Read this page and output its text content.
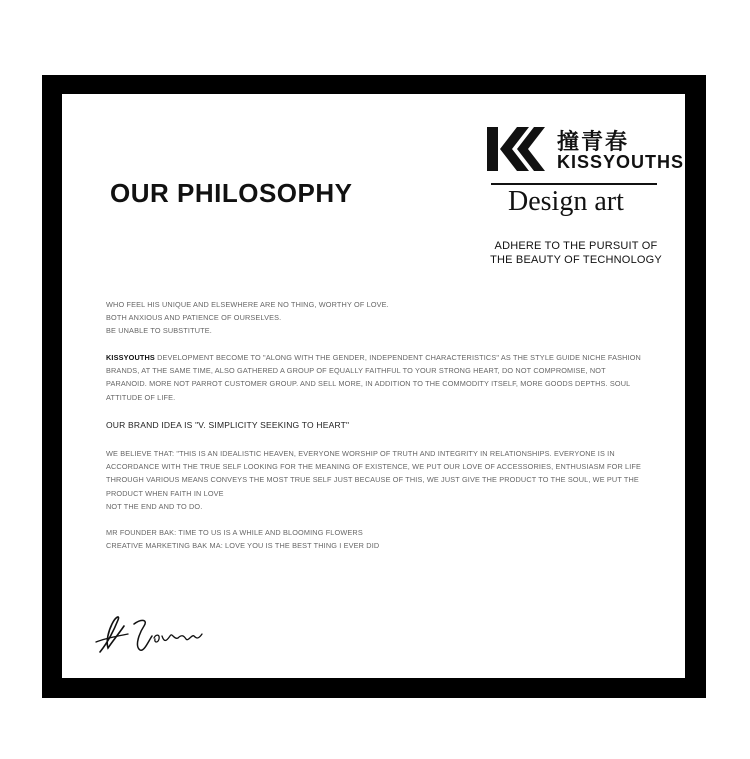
OUR PHILOSOPHY
撞青春
KISSYOUTHS
Design art
ADHERE TO THE PURSUIT OF
THE BEAUTY OF TECHNOLOGY
WHO FEEL HIS UNIQUE AND ELSEWHERE ARE NO THING, WORTHY OF LOVE.
BOTH ANXIOUS AND PATIENCE OF OURSELVES.
BE UNABLE TO SUBSTITUTE.
KISSYOUTHS DEVELOPMENT BECOME TO "ALONG WITH THE GENDER, INDEPENDENT CHARACTERISTICS" AS THE STYLE GUIDE NICHE FASHION
BRANDS, AT THE SAME TIME, ALSO GATHERED A GROUP OF EQUALLY FAITHFUL TO YOUR STRONG HEART, DO NOT COMPROMISE, NOT
PARANOID. MORE NOT PARROT CUSTOMER GROUP. AND SELL MORE, IN ADDITION TO THE COMMODITY ITSELF, MORE GOODS DEPTHS. SOUL
ATTITUDE OF LIFE.
OUR BRAND IDEA IS "V. SIMPLICITY SEEKING TO HEART"
WE BELIEVE THAT: "THIS IS AN IDEALISTIC HEAVEN, EVERYONE WORSHIP OF TRUTH AND INTEGRITY IN RELATIONSHIPS. EVERYONE IS IN
ACCORDANCE WITH THE TRUE SELF LOOKING FOR THE MEANING OF EXISTENCE, WE PUT OUR LOVE OF ACCESSORIES, ENTHUSIASM FOR LIFE
THROUGH VARIOUS MEANS CONVEYS THE MOST TRUE SELF JUST BECAUSE OF THIS, WE JUST GIVE THE PRODUCT TO THE SOUL, WE PUT THE
PRODUCT WHEN FAITH IN LOVE
NOT THE END AND TO DO.
MR FOUNDER BAK: TIME TO US IS A WHILE AND BLOOMING FLOWERS
CREATIVE MARKETING BAK MA: LOVE YOU IS THE BEST THING I EVER DID
